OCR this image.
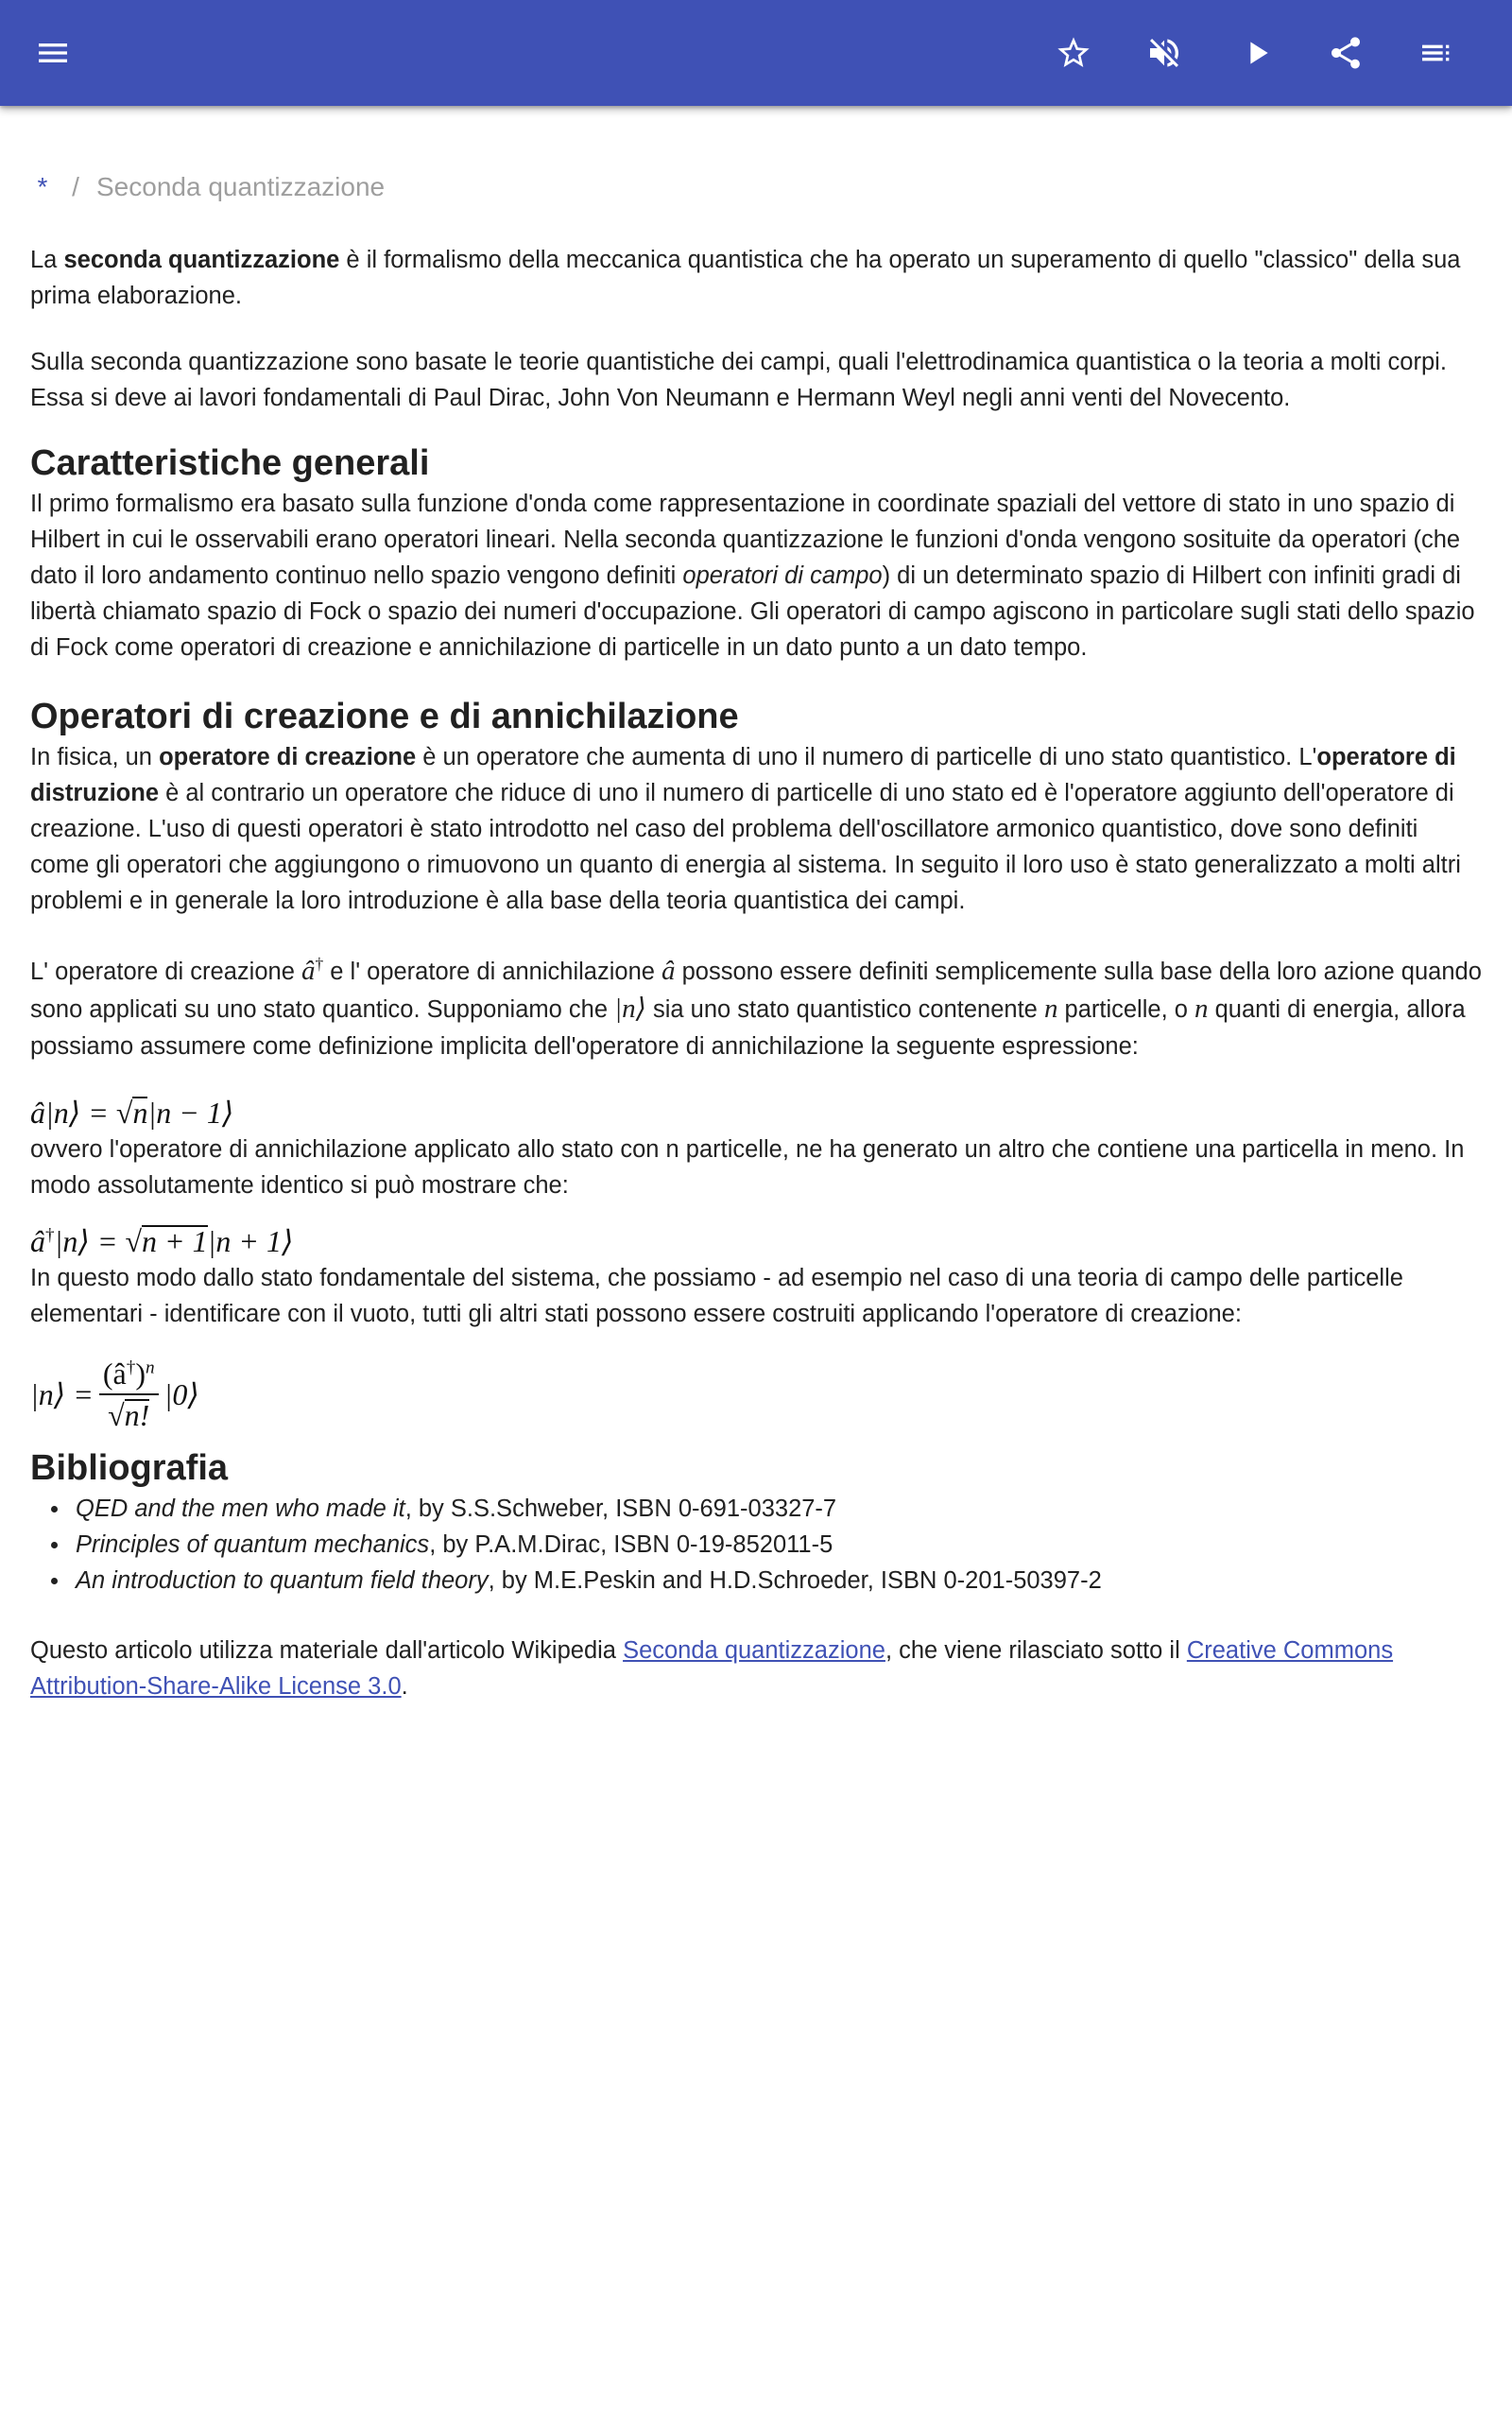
* / Seconda quantizzazione

La seconda quantizzazione è il formalismo della meccanica quantistica che ha operato un superamento di quello "classico" della sua prima elaborazione.

Sulla seconda quantizzazione sono basate le teorie quantistiche dei campi, quali l'elettrodinamica quantistica o la teoria a molti corpi. Essa si deve ai lavori fondamentali di Paul Dirac, John Von Neumann e Hermann Weyl negli anni venti del Novecento.

Caratteristiche generali

Il primo formalismo era basato sulla funzione d'onda come rappresentazione in coordinate spaziali del vettore di stato in uno spazio di Hilbert in cui le osservabili erano operatori lineari. Nella seconda quantizzazione le funzioni d'onda vengono sosituite da operatori (che dato il loro andamento continuo nello spazio vengono definiti operatori di campo) di un determinato spazio di Hilbert con infiniti gradi di libertà chiamato spazio di Fock o spazio dei numeri d'occupazione. Gli operatori di campo agiscono in particolare sugli stati dello spazio di Fock come operatori di creazione e annichilazione di particelle in un dato punto a un dato tempo.

Operatori di creazione e di annichilazione

In fisica, un operatore di creazione è un operatore che aumenta di uno il numero di particelle di uno stato quantistico. L'operatore di distruzione è al contrario un operatore che riduce di uno il numero di particelle di uno stato ed è l'operatore aggiunto dell'operatore di creazione. L'uso di questi operatori è stato introdotto nel caso del problema dell'oscillatore armonico quantistico, dove sono definiti come gli operatori che aggiungono o rimuovono un quanto di energia al sistema. In seguito il loro uso è stato generalizzato a molti altri problemi e in generale la loro introduzione è alla base della teoria quantistica dei campi.

L' operatore di creazione â† e l' operatore di annichilazione â possono essere definiti semplicemente sulla base della loro azione quando sono applicati su uno stato quantico. Supponiamo che |n⟩ sia uno stato quantistico contenente n particelle, o n quanti di energia, allora possiamo assumere come definizione implicita dell'operatore di annichilazione la seguente espressione:

â|n⟩ = √n|n − 1⟩

ovvero l'operatore di annichilazione applicato allo stato con n particelle, ne ha generato un altro che contiene una particella in meno. In modo assolutamente identico si può mostrare che:

â†|n⟩ = √n + 1|n + 1⟩

In questo modo dallo stato fondamentale del sistema, che possiamo - ad esempio nel caso di una teoria di campo delle particelle elementari - identificare con il vuoto, tutti gli altri stati possono essere costruiti applicando l'operatore di creazione:

|n⟩ = $\frac{(â^\dagger)^n}{√n!}$ |0⟩
Bibliografia
QED and the men who made it, by S.S.Schweber, ISBN 0-691-03327-7
Principles of quantum mechanics, by P.A.M.Dirac, ISBN 0-19-852011-5
An introduction to quantum field theory, by M.E.Peskin and H.D.Schroeder, ISBN 0-201-50397-2

Questo articolo utilizza materiale dall'articolo Wikipedia Seconda quantizzazione, che viene rilasciato sotto il Creative Commons Attribution-Share-Alike License 3.0.
